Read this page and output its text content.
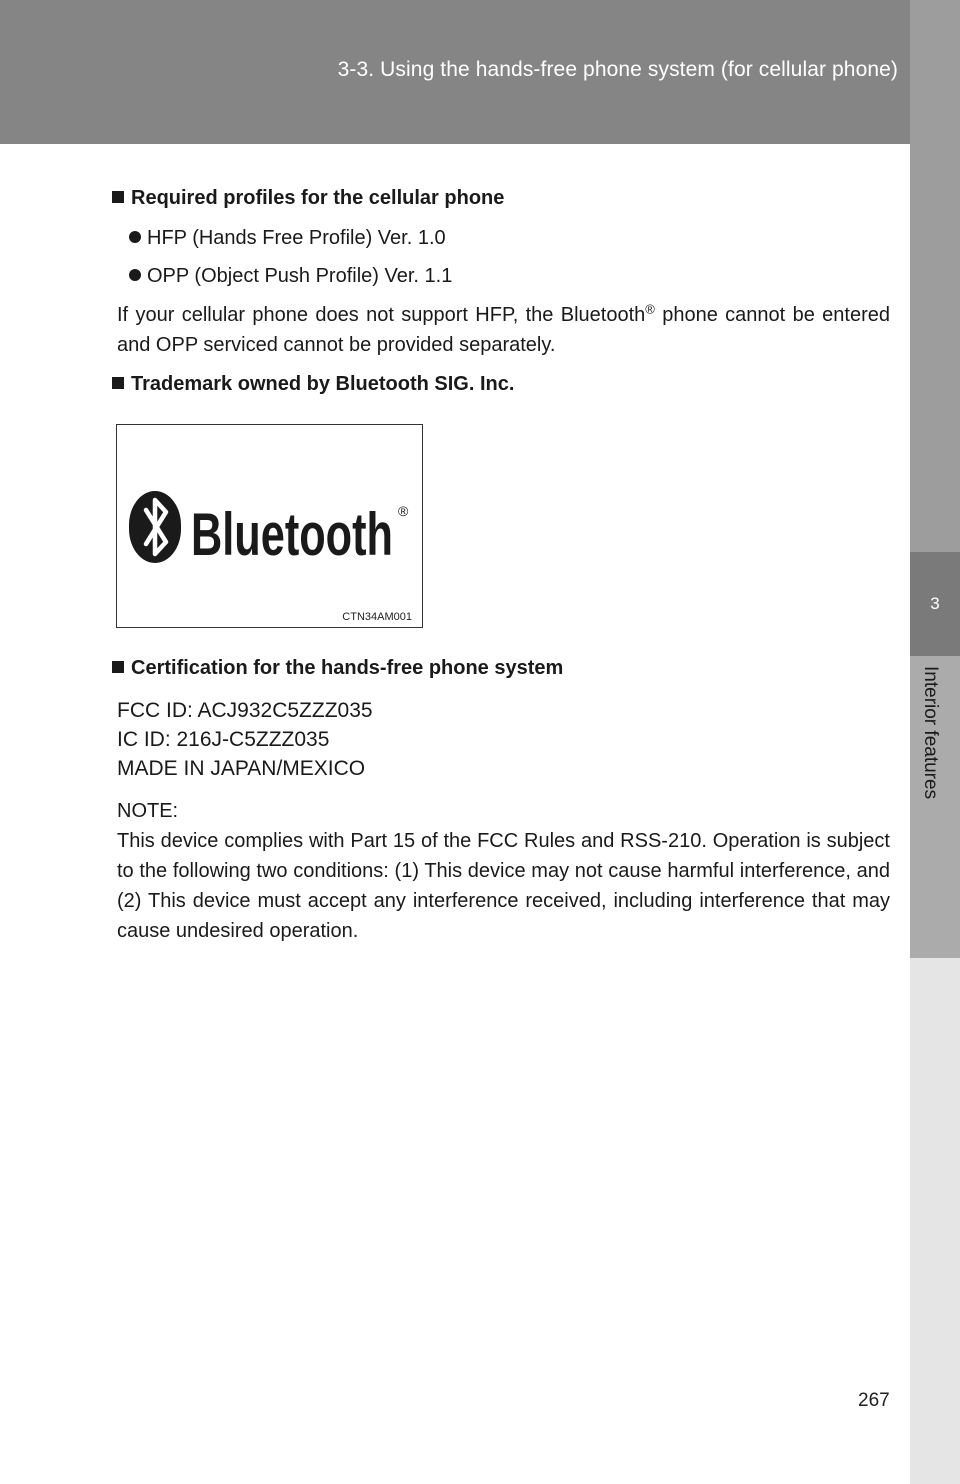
3-3. Using the hands-free phone system (for cellular phone)
3
Interior features
Required profiles for the cellular phone
HFP (Hands Free Profile) Ver. 1.0
OPP (Object Push Profile) Ver. 1.1
If your cellular phone does not support HFP, the Bluetooth® phone cannot be entered and OPP serviced cannot be provided separately.
Trademark owned by Bluetooth SIG. Inc.
Certification for the hands-free phone system
FCC ID: ACJ932C5ZZZ035
IC ID: 216J-C5ZZZ035
MADE IN JAPAN/MEXICO
NOTE:
This device complies with Part 15 of the FCC Rules and RSS-210. Operation is subject to the following two conditions: (1) This device may not cause harmful interference, and (2) This device must accept any interference received, including interference that may cause undesired operation.
Bluetooth ®
CTN34AM001
267
